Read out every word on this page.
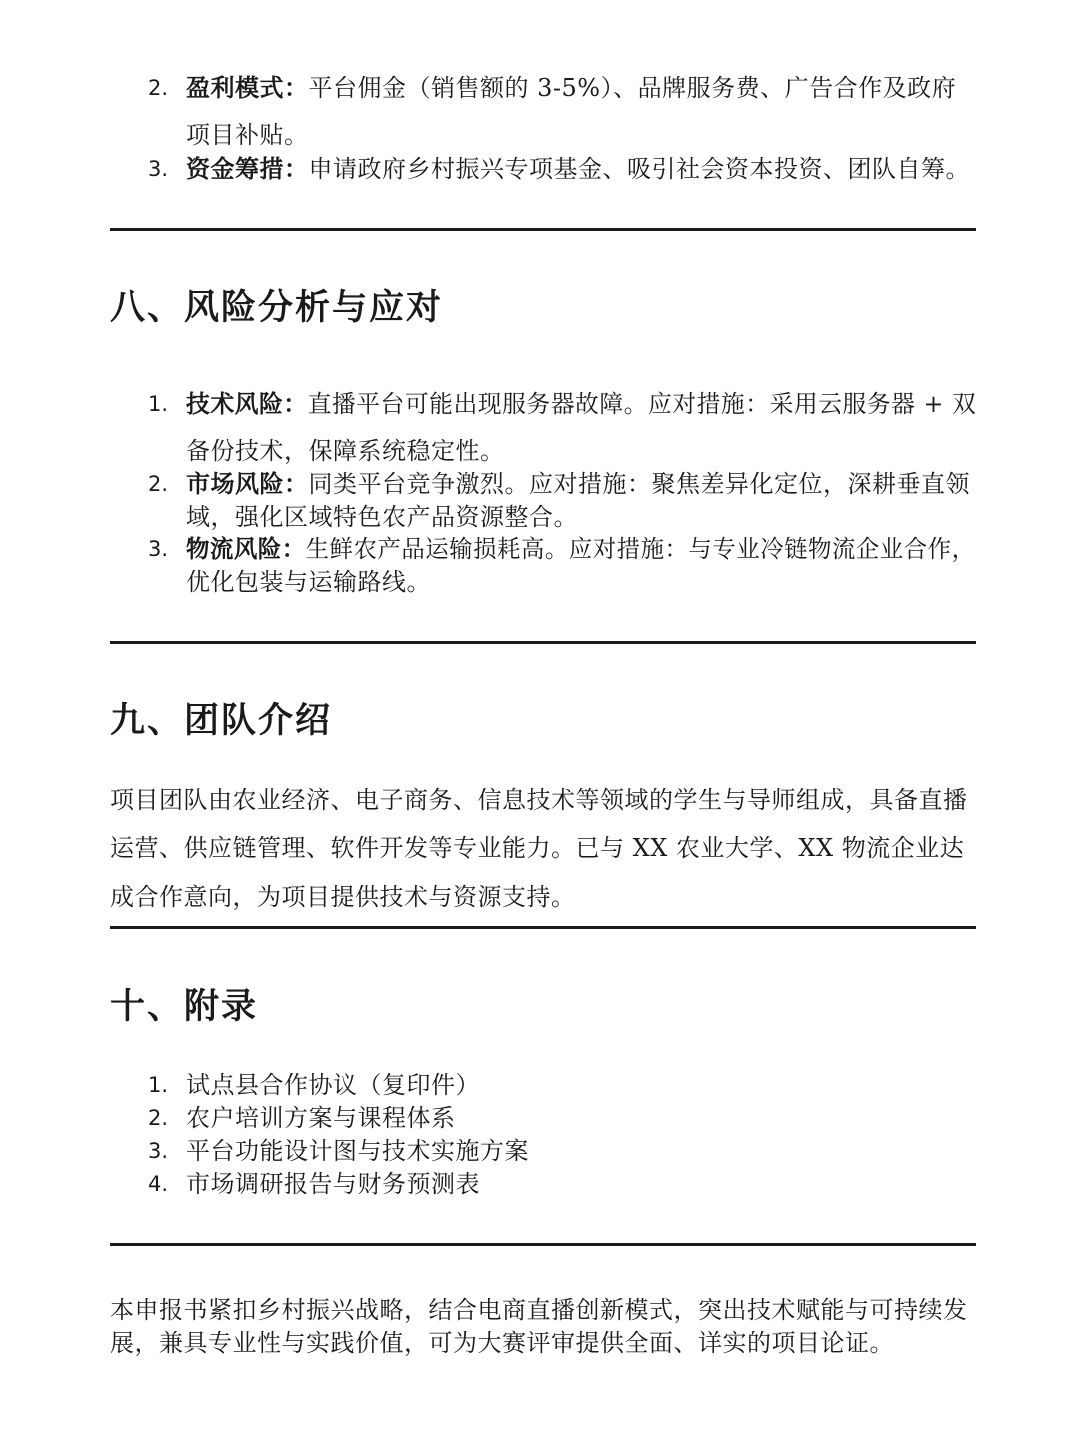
2. 盈利模式：平台佣金（销售额的 3-5%）、品牌服务费、广告合作及政府
项目补贴。
3. 资金筹措：申请政府乡村振兴专项基金、吸引社会资本投资、团队自筹。
八、风险分析与应对
1. 技术风险：直播平台可能出现服务器故障。应对措施：采用云服务器 + 双
备份技术，保障系统稳定性。
2. 市场风险：同类平台竞争激烈。应对措施：聚焦差异化定位，深耕垂直领
域，强化区域特色农产品资源整合。
3. 物流风险：生鲜农产品运输损耗高。应对措施：与专业冷链物流企业合作，
优化包装与运输路线。
九、团队介绍
项目团队由农业经济、电子商务、信息技术等领域的学生与导师组成，具备直播
运营、供应链管理、软件开发等专业能力。已与 XX 农业大学、XX 物流企业达
成合作意向，为项目提供技术与资源支持。
十、附录
1. 试点县合作协议（复印件）
2. 农户培训方案与课程体系
3. 平台功能设计图与技术实施方案
4. 市场调研报告与财务预测表
本申报书紧扣乡村振兴战略，结合电商直播创新模式，突出技术赋能与可持续发
展，兼具专业性与实践价值，可为大赛评审提供全面、详实的项目论证。
